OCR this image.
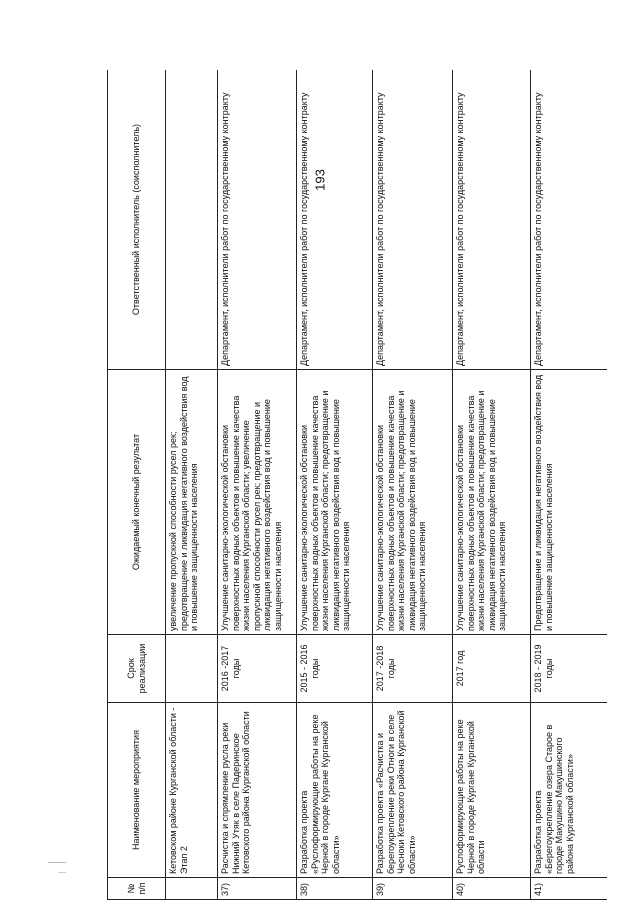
193
№ п/п	Наименование мероприятия	Срок реализации	Ожидаемый конечный результат	Ответственный исполнитель (соисполнитель)
	Кетовском районе Курганской области - Этап 2		увеличение пропускной способности русел рек; предотвращение и ликвидация негативного воздействия вод и повышение защищенности населения	
37)	Расчистка и спрямление русла реки Нижний Утяк в селе Падеринское Кетовского района Курганской области	2016 -2017 годы	Улучшение санитарно-экологической обстановки поверхностных водных объектов и повышение качества жизни населения Курганской области; увеличение пропускной способности русел рек; предотвращение и ликвидация негативного воздействия вод и повышение защищенности населения	Департамент, исполнители работ по государственному контракту
38)	Разработка проекта «Руслоформирующие работы на реке Черной в городе Кургане Курганской области»	2015 - 2016 годы	Улучшение санитарно-экологической обстановки поверхностных водных объектов и повышение качества жизни населения Курганской области; предотвращение и ликвидация негативного воздействия вод и повышение защищенности населения	Департамент, исполнители работ по государственному контракту
39)	Разработка проекта «Расчистка и берегоукрепление реки Отноги в селе Чесноки Кетовского района Курганской области»	2017 -2018 годы	Улучшение санитарно-экологической обстановки поверхностных водных объектов и повышение качества жизни населения Курганской области; предотвращение и ликвидация негативного воздействия вод и повышение защищенности населения	Департамент, исполнители работ по государственному контракту
40)	Руслоформирующие работы на реке Черной в городе Кургане Курганской области	2017 год	Улучшение санитарно-экологической обстановки поверхностных водных объектов и повышение качества жизни населения Курганской области; предотвращение и ликвидация негативного воздействия вод и повышение защищенности населения	Департамент, исполнители работ по государственному контракту
41)	Разработка проекта «Берегоукрепление озера Старое в городе Макушино Макушинского района Курганской области»	2018 - 2019 годы	Предотвращение и ликвидация негативного воздействия вод и повышение защищенности населения	Департамент, исполнители работ по государственному контракту
